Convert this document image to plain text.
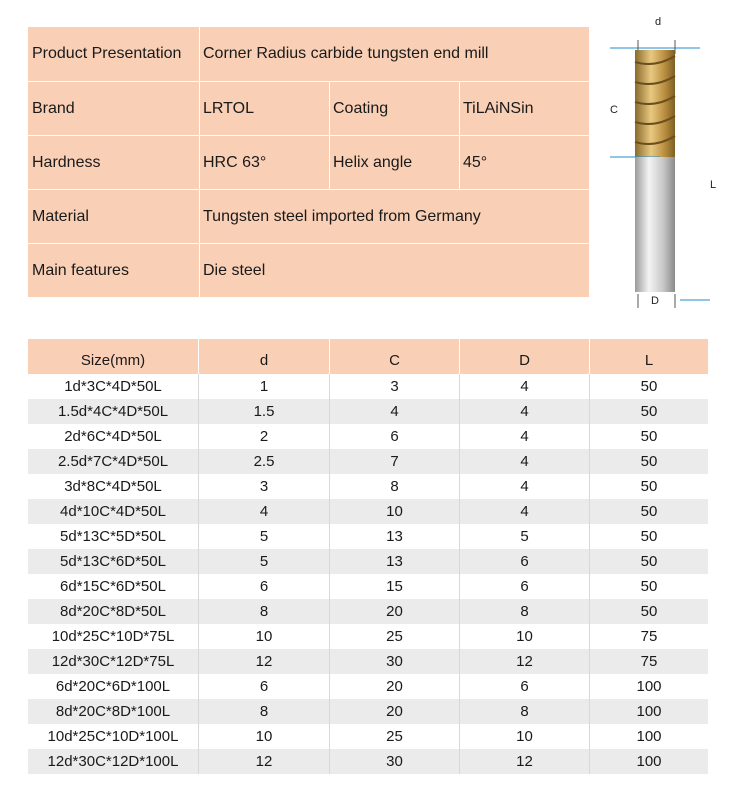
Product Presentation	Corner Radius carbide tungsten end mill
Brand	LRTOL	Coating	TiLAiNSin
Hardness	HRC 63°	Helix angle	45°
Material	Tungsten steel imported from Germany
Main features	Die steel
d
C
L
D
Size(mm)	d	C	D	L
1d*3C*4D*50L	1	3	4	50
1.5d*4C*4D*50L	1.5	4	4	50
2d*6C*4D*50L	2	6	4	50
2.5d*7C*4D*50L	2.5	7	4	50
3d*8C*4D*50L	3	8	4	50
4d*10C*4D*50L	4	10	4	50
5d*13C*5D*50L	5	13	5	50
5d*13C*6D*50L	5	13	6	50
6d*15C*6D*50L	6	15	6	50
8d*20C*8D*50L	8	20	8	50
10d*25C*10D*75L	10	25	10	75
12d*30C*12D*75L	12	30	12	75
6d*20C*6D*100L	6	20	6	100
8d*20C*8D*100L	8	20	8	100
10d*25C*10D*100L	10	25	10	100
12d*30C*12D*100L	12	30	12	100
